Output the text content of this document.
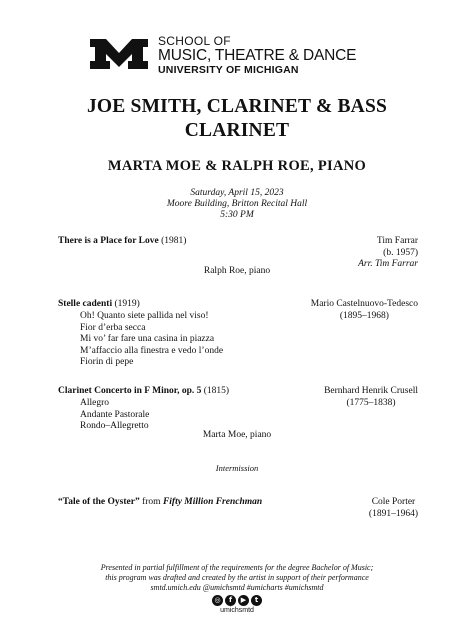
SCHOOL OF
MUSIC, THEATRE & DANCE
UNIVERSITY OF MICHIGAN
JOE SMITH, CLARINET & BASS CLARINET
MARTA MOE & RALPH ROE, PIANO
Saturday, April 15, 2023
Moore Building, Britton Recital Hall
5:30 PM
There is a Place for Love (1981)	Tim Farrar
(b. 1957)
Arr. Tim Farrar
Ralph Roe, piano
Stelle cadenti (1919)	Mario Castelnuovo-Tedesco
(1895–1968)
Oh! Quanto siete pallida nel viso!
Fior d’erba secca
Mi vo’ far fare una casina in piazza
M’affaccio alla finestra e vedo l’onde
Fiorin di pepe
Clarinet Concerto in F Minor, op. 5 (1815)	Bernhard Henrik Crusell
(1775–1838)
Allegro
Andante Pastorale
Rondo–Allegretto
Marta Moe, piano
Intermission
“Tale of the Oyster” from Fifty Million Frenchman	Cole Porter
(1891–1964)
Presented in partial fulfillment of the requirements for the degree Bachelor of Music;
this program was drafted and created by the artist in support of their performance
smtd.umich.edu @umichsmtd #umicharts #umichsmtd
◎	f	▶	t
umichsmtd
